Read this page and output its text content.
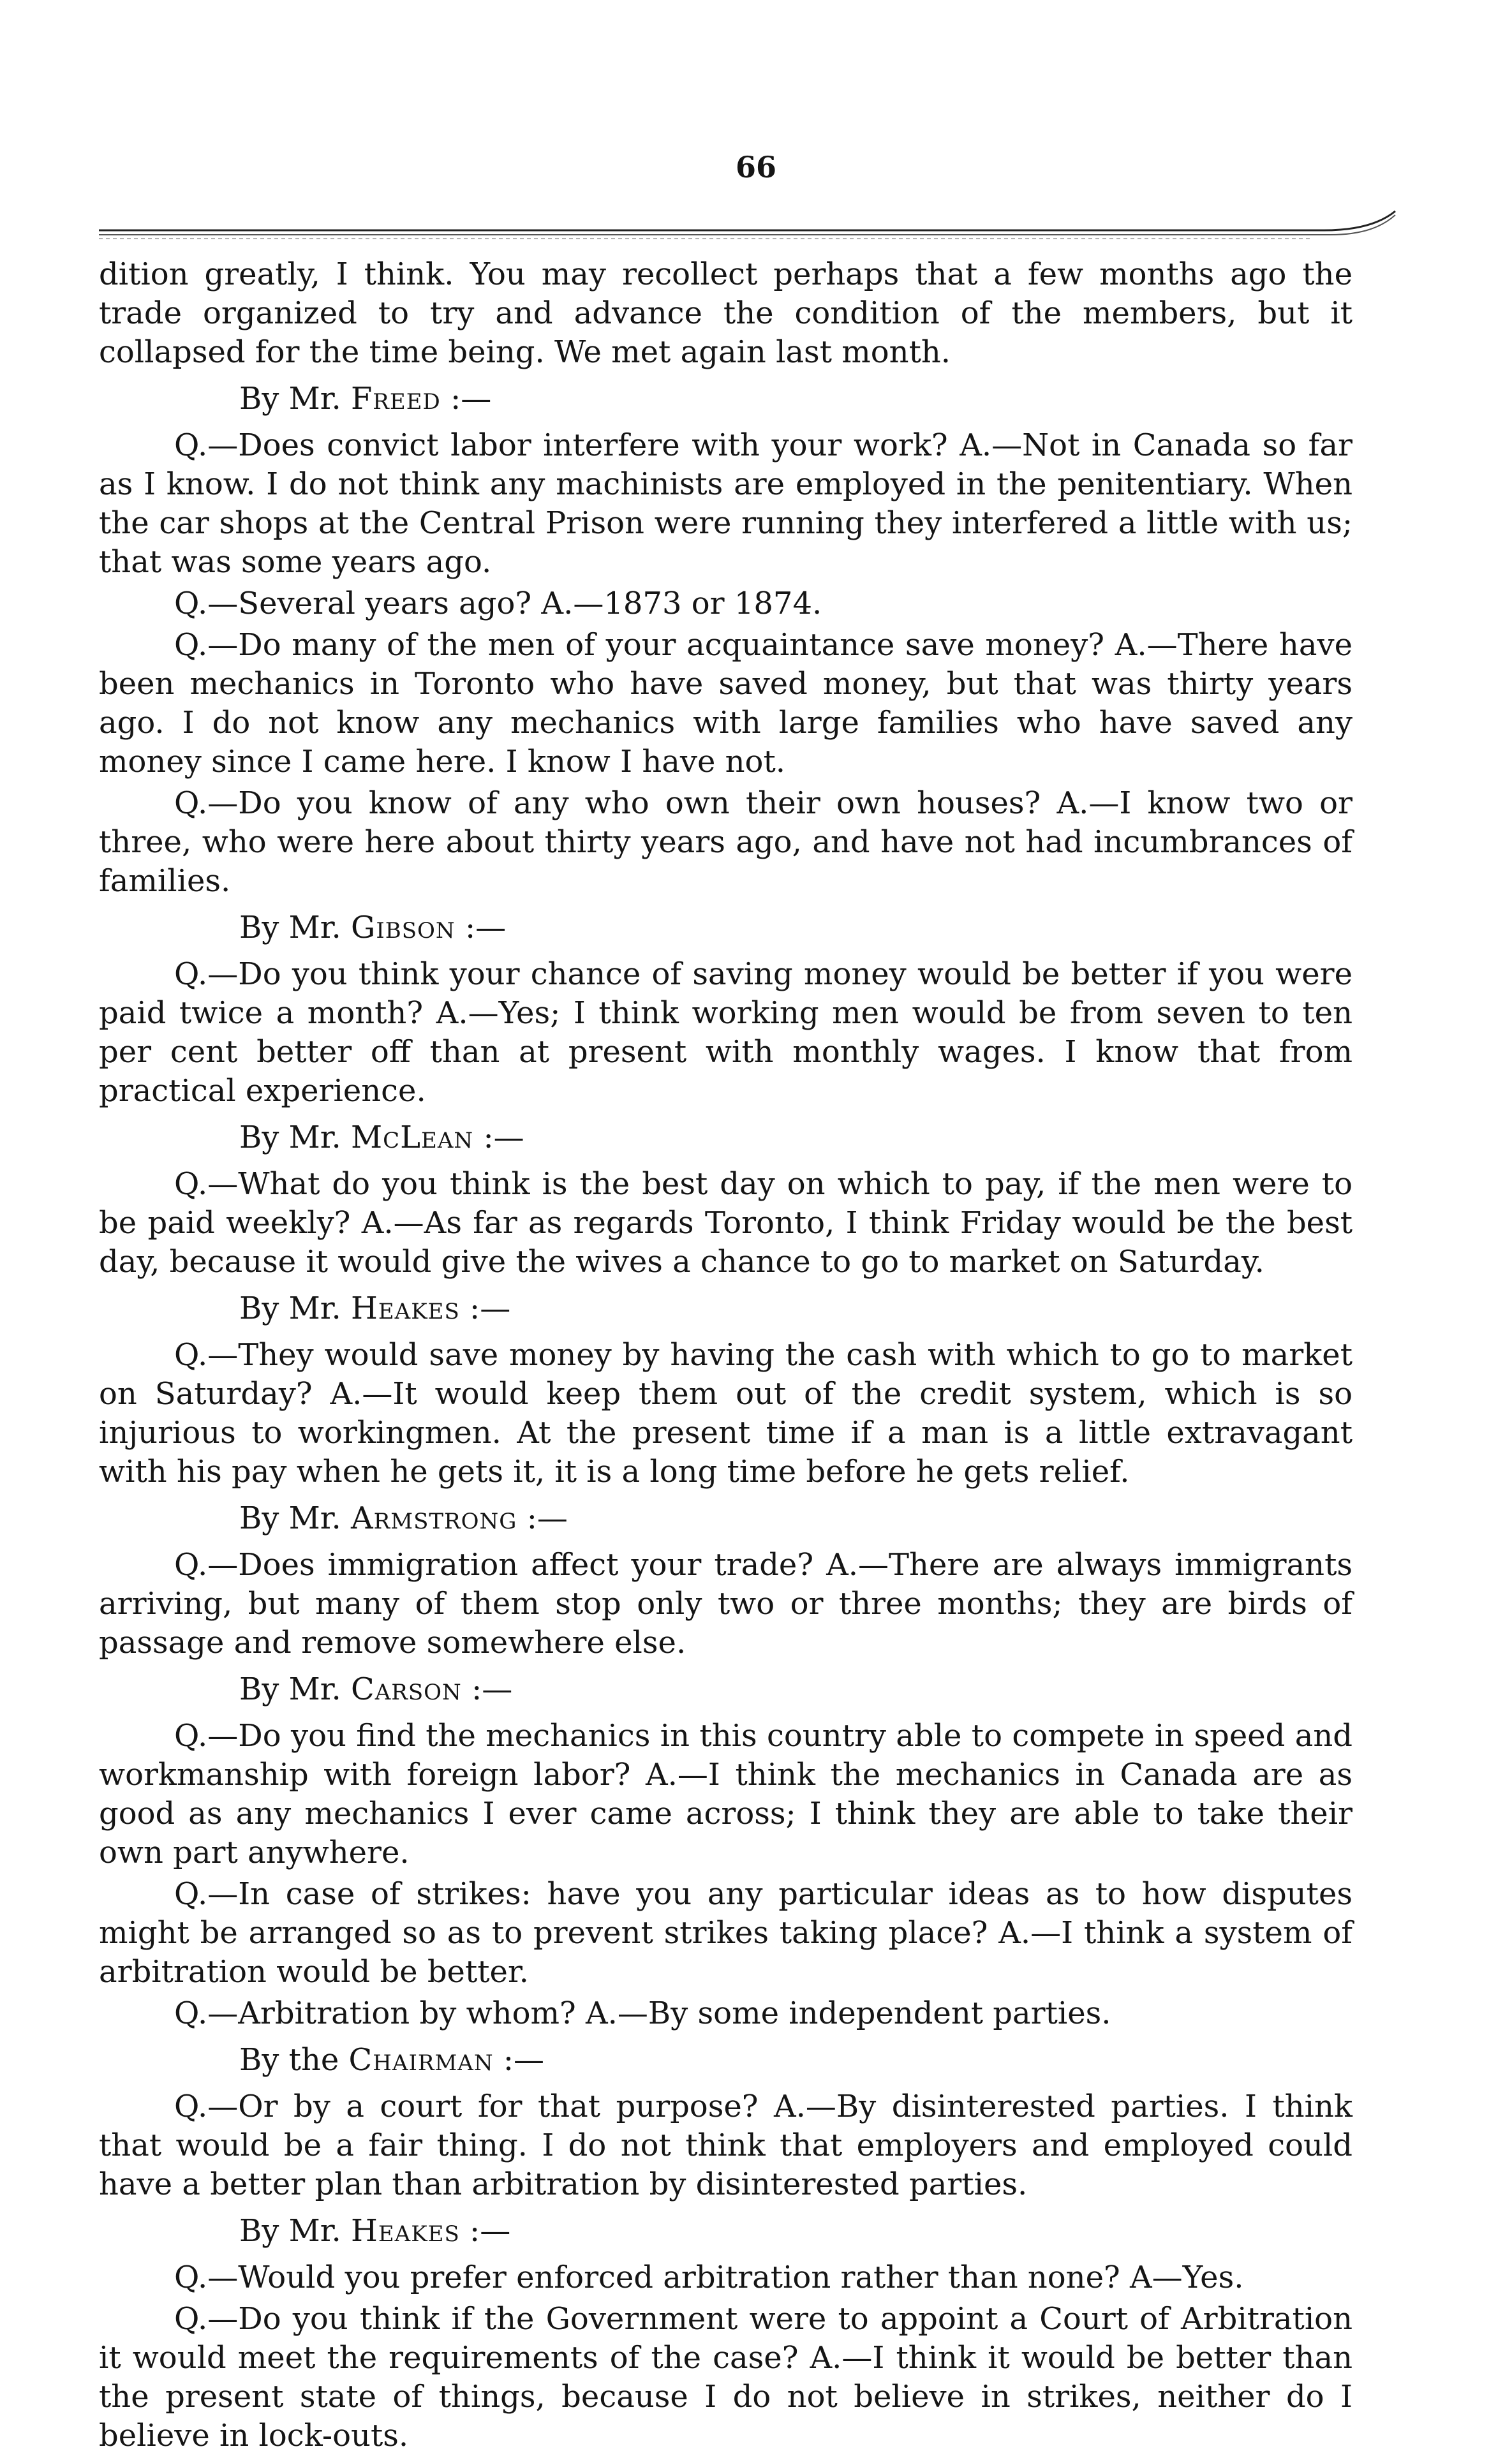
66

dition greatly, I think. You may recollect perhaps that a few months ago the trade organized to try and advance the condition of the members, but it collapsed for the time being. We met again last month.

By Mr. Freed :—

Q.—Does convict labor interfere with your work? A.—Not in Canada so far as I know. I do not think any machinists are employed in the penitentiary. When the car shops at the Central Prison were running they interfered a little with us; that was some years ago.

Q.—Several years ago? A.—1873 or 1874.

Q.—Do many of the men of your acquaintance save money? A.—There have been mechanics in Toronto who have saved money, but that was thirty years ago. I do not know any mechanics with large families who have saved any money since I came here. I know I have not.

Q.—Do you know of any who own their own houses? A.—I know two or three, who were here about thirty years ago, and have not had incumbrances of families.

By Mr. Gibson :—

Q.—Do you think your chance of saving money would be better if you were paid twice a month? A.—Yes; I think working men would be from seven to ten per cent better off than at present with monthly wages. I know that from practical experience.

By Mr. McLean :—

Q.—What do you think is the best day on which to pay, if the men were to be paid weekly? A.—As far as regards Toronto, I think Friday would be the best day, because it would give the wives a chance to go to market on Saturday.

By Mr. Heakes :—

Q.—They would save money by having the cash with which to go to market on Saturday? A.—It would keep them out of the credit system, which is so injurious to workingmen. At the present time if a man is a little extravagant with his pay when he gets it, it is a long time before he gets relief.

By Mr. Armstrong :—

Q.—Does immigration affect your trade? A.—There are always immigrants arriving, but many of them stop only two or three months; they are birds of passage and remove somewhere else.

By Mr. Carson :—

Q.—Do you find the mechanics in this country able to compete in speed and workmanship with foreign labor? A.—I think the mechanics in Canada are as good as any mechanics I ever came across; I think they are able to take their own part anywhere.

Q.—In case of strikes: have you any particular ideas as to how disputes might be arranged so as to prevent strikes taking place? A.—I think a system of arbitration would be better.

Q.—Arbitration by whom? A.—By some independent parties.

By the Chairman :—

Q.—Or by a court for that purpose? A.—By disinterested parties. I think that would be a fair thing. I do not think that employers and employed could have a better plan than arbitration by disinterested parties.

By Mr. Heakes :—

Q.—Would you prefer enforced arbitration rather than none? A—Yes.

Q.—Do you think if the Government were to appoint a Court of Arbitration it would meet the requirements of the case? A.—I think it would be better than the present state of things, because I do not believe in strikes, neither do I believe in lock-outs.
